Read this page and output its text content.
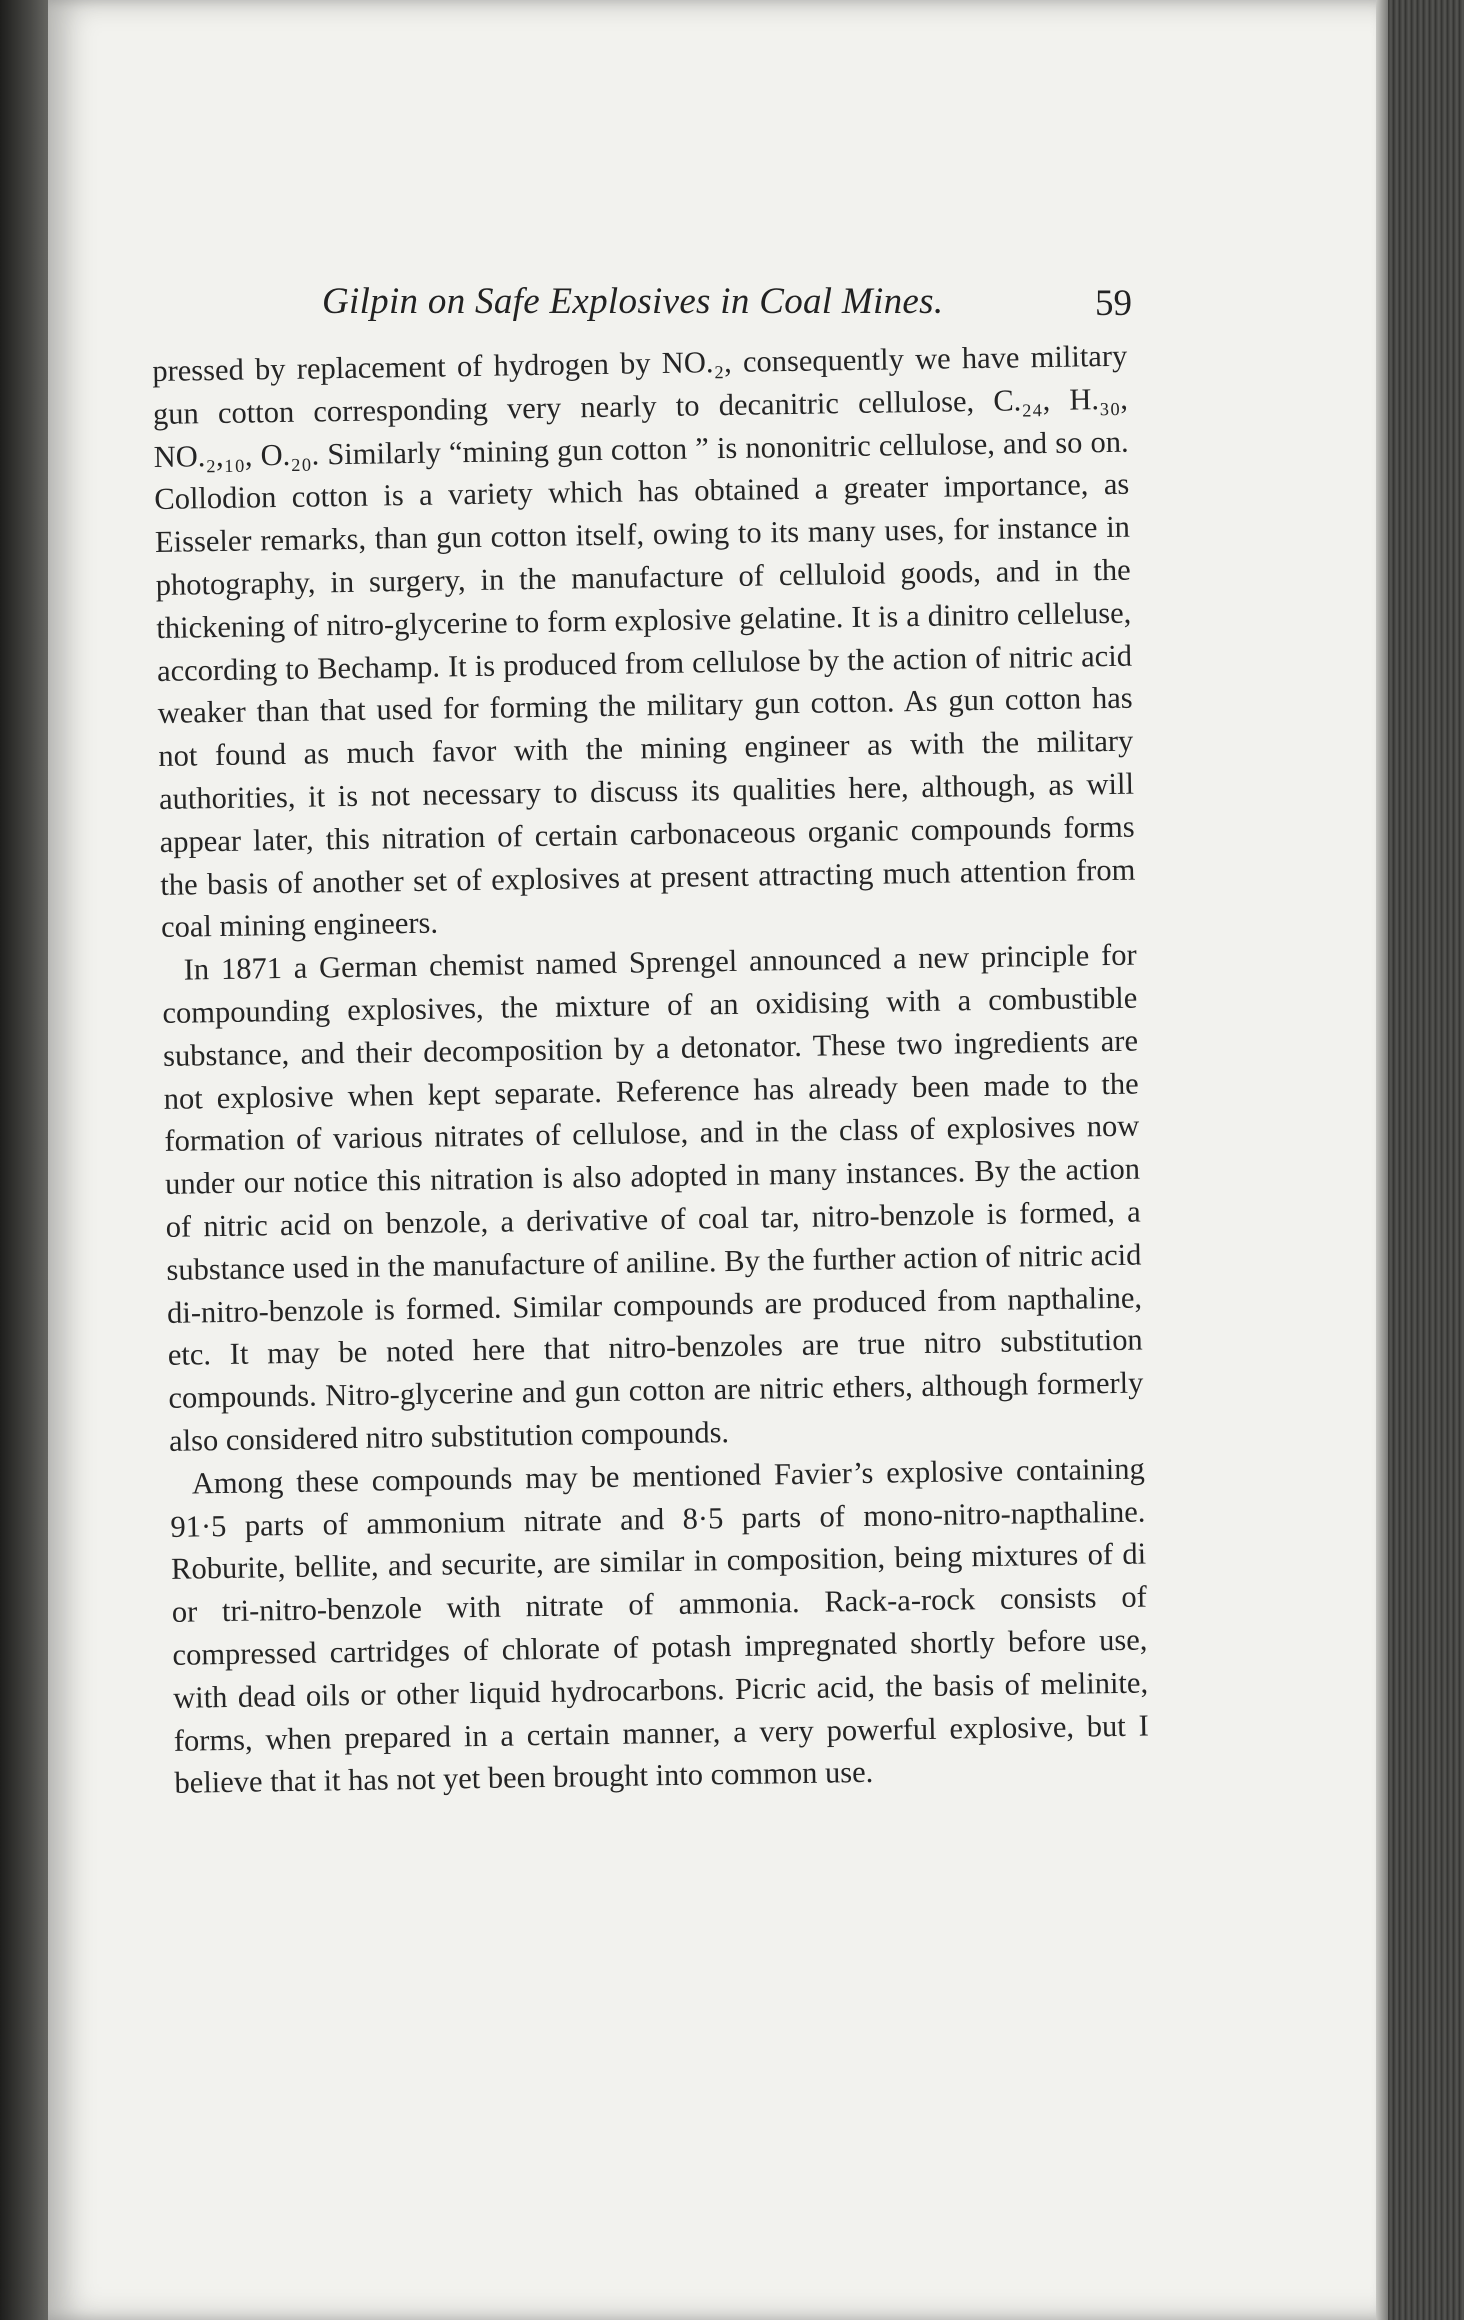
Gilpin on Safe Explosives in Coal Mines.	59

pressed by replacement of hydrogen by NO.₂, consequently we have military gun cotton corresponding very nearly to decanitric cellulose, C.₂₄, H.₃₀, NO.₂,₁₀, O.₂₀. Similarly “mining gun cotton ” is nononitric cellulose, and so on. Collodion cotton is a variety which has obtained a greater importance, as Eisseler remarks, than gun cotton itself, owing to its many uses, for instance in photography, in surgery, in the manufacture of celluloid goods, and in the thickening of nitro-glycerine to form explosive gelatine. It is a dinitro celleluse, according to Bechamp. It is produced from cellulose by the action of nitric acid weaker than that used for forming the military gun cotton. As gun cotton has not found as much favor with the mining engineer as with the military authorities, it is not necessary to discuss its qualities here, although, as will appear later, this nitration of certain carbonaceous organic compounds forms the basis of another set of explosives at present attracting much attention from coal mining engineers.

In 1871 a German chemist named Sprengel announced a new principle for compounding explosives, the mixture of an oxidising with a combustible substance, and their decomposition by a detonator. These two ingredients are not explosive when kept separate. Reference has already been made to the formation of various nitrates of cellulose, and in the class of explosives now under our notice this nitration is also adopted in many instances. By the action of nitric acid on benzole, a derivative of coal tar, nitro-benzole is formed, a substance used in the manufacture of aniline. By the further action of nitric acid di-nitro-benzole is formed. Similar compounds are produced from napthaline, etc. It may be noted here that nitro-benzoles are true nitro substitution compounds. Nitro-glycerine and gun cotton are nitric ethers, although formerly also considered nitro substitution compounds.

Among these compounds may be mentioned Favier’s explosive containing 91·5 parts of ammonium nitrate and 8·5 parts of mono-nitro-napthaline. Roburite, bellite, and securite, are similar in composition, being mixtures of di or tri-nitro-benzole with nitrate of ammonia. Rack-a-rock consists of compressed cartridges of chlorate of potash impregnated shortly before use, with dead oils or other liquid hydrocarbons. Picric acid, the basis of melinite, forms, when prepared in a certain manner, a very powerful explosive, but I believe that it has not yet been brought into common use.
